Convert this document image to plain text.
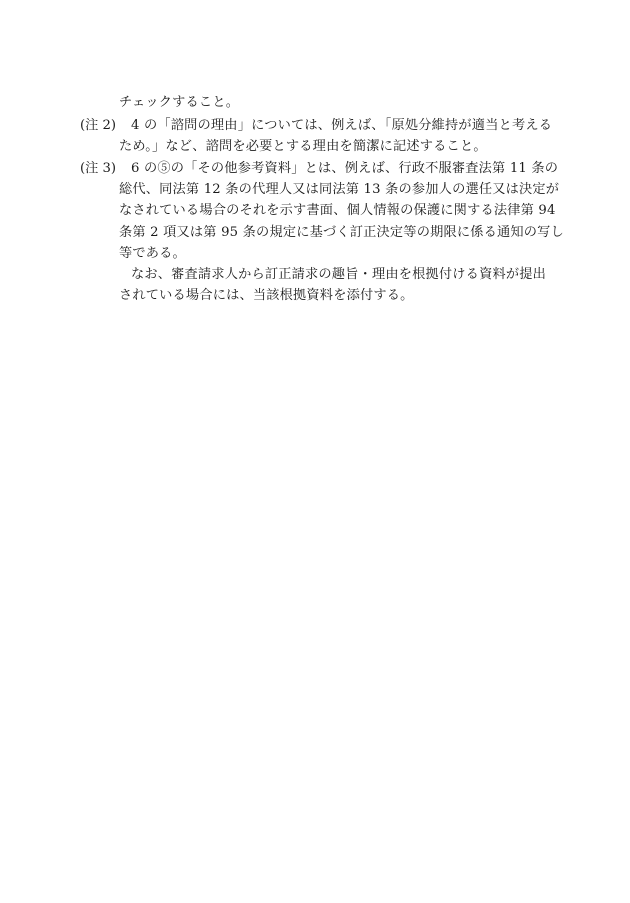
チェックすること。
(注 2) 4 の「諮問の理由」については、例えば、「原処分維持が適当と考える
ため。」など、諮問を必要とする理由を簡潔に記述すること。
(注 3) 6 の⑤の「その他参考資料」とは、例えば、行政不服審査法第 11 条の
総代、同法第 12 条の代理人又は同法第 13 条の参加人の選任又は決定が
なされている場合のそれを示す書面、個人情報の保護に関する法律第 94
条第 2 項又は第 95 条の規定に基づく訂正決定等の期限に係る通知の写し
等である。
なお、審査請求人から訂正請求の趣旨・理由を根拠付ける資料が提出
されている場合には、当該根拠資料を添付する。
